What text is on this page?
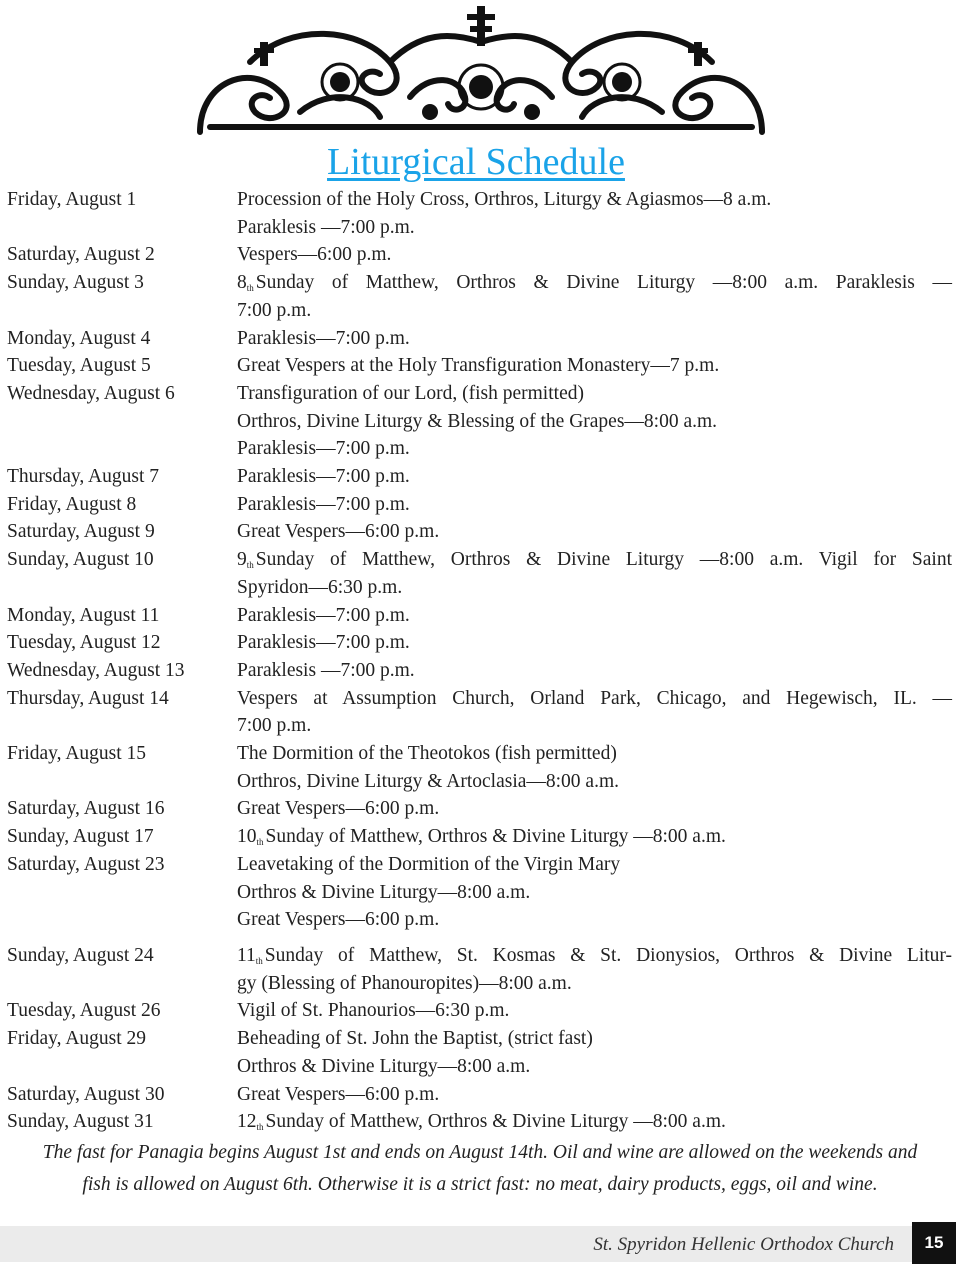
Liturgical Schedule
Friday, August 1	Procession of the Holy Cross, Orthros, Liturgy & Agiasmos—8 a.m.
Paraklesis —7:00 p.m.
Saturday, August 2	Vespers—6:00 p.m.
Sunday, August 3	8th Sunday of Matthew, Orthros & Divine Liturgy —8:00 a.m. Paraklesis —
7:00 p.m.
Monday, August 4	Paraklesis—7:00 p.m.
Tuesday, August 5	Great Vespers at the Holy Transfiguration Monastery—7 p.m.
Wednesday, August 6	Transfiguration of our Lord, (fish permitted)
Orthros, Divine Liturgy & Blessing of the Grapes—8:00 a.m.
Paraklesis—7:00 p.m.
Thursday, August 7	Paraklesis—7:00 p.m.
Friday, August 8	Paraklesis—7:00 p.m.
Saturday, August 9	Great Vespers—6:00 p.m.
Sunday, August 10	9th Sunday of Matthew, Orthros & Divine Liturgy —8:00 a.m. Vigil for Saint
Spyridon—6:30 p.m.
Monday, August 11	Paraklesis—7:00 p.m.
Tuesday, August 12	Paraklesis—7:00 p.m.
Wednesday, August 13	Paraklesis —7:00 p.m.
Thursday, August 14	Vespers at Assumption Church, Orland Park, Chicago, and Hegewisch, IL. —
7:00 p.m.
Friday, August 15	The Dormition of the Theotokos (fish permitted)
Orthros, Divine Liturgy & Artoclasia—8:00 a.m.
Saturday, August 16	Great Vespers—6:00 p.m.
Sunday, August 17	10th Sunday of Matthew, Orthros & Divine Liturgy —8:00 a.m.
Saturday, August 23	Leavetaking of the Dormition of the Virgin Mary
Orthros & Divine Liturgy—8:00 a.m.
Great Vespers—6:00 p.m.
Sunday, August 24	11th Sunday of Matthew, St. Kosmas & St. Dionysios, Orthros & Divine Litur-
gy (Blessing of Phanouropites)—8:00 a.m.
Tuesday, August 26	Vigil of St. Phanourios—6:30 p.m.
Friday, August 29	Beheading of St. John the Baptist, (strict fast)
Orthros & Divine Liturgy—8:00 a.m.
Saturday, August 30	Great Vespers—6:00 p.m.
Sunday, August 31	12th Sunday of Matthew, Orthros & Divine Liturgy —8:00 a.m.
The fast for Panagia begins August 1st and ends on August 14th. Oil and wine are allowed on the weekends and
fish is allowed on August 6th. Otherwise it is a strict fast: no meat, dairy products, eggs, oil and wine.
St. Spyridon Hellenic Orthodox Church	15
